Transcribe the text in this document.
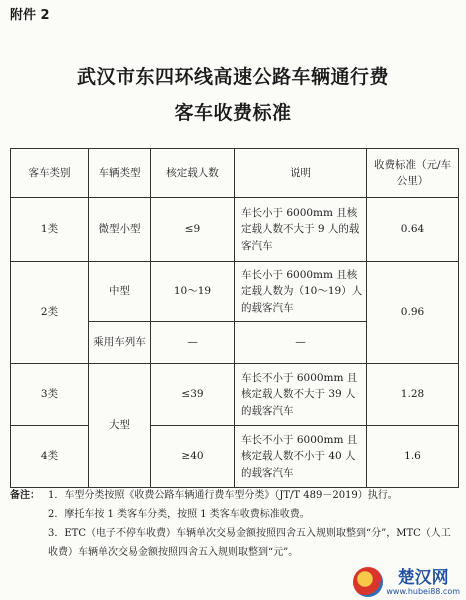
附件 2
武汉市东四环线高速公路车辆通行费
客车收费标准
客车类别	车辆类型	核定载人数	说明	收费标准（元/车公里）
1类	微型小型	≤9	车长小于 6000mm 且核定载人数不大于 9 人的载客汽车	0.64
2类	中型	10～19	车长小于 6000mm 且核定载人数为（10～19）人的载客汽车	0.96
	乘用车列车	—	—	
3类	大型	≤39	车长不小于 6000mm 且核定载人数不大于 39 人的载客汽车	1.28
4类		≥40	车长不小于 6000mm 且核定载人数不小于 40 人的载客汽车	1.6
备注： 1．车型分类按照《收费公路车辆通行费车型分类》（JT/T 489－2019）执行。
2．摩托车按 1 类客车分类，按照 1 类客车收费标准收费。
3．ETC（电子不停车收费）车辆单次交易金额按照四舍五入规则取整到“分”，MTC（人工收费）车辆单次交易金额按照四舍五入规则取整到“元”。
楚汉网
www.hubei88.com
